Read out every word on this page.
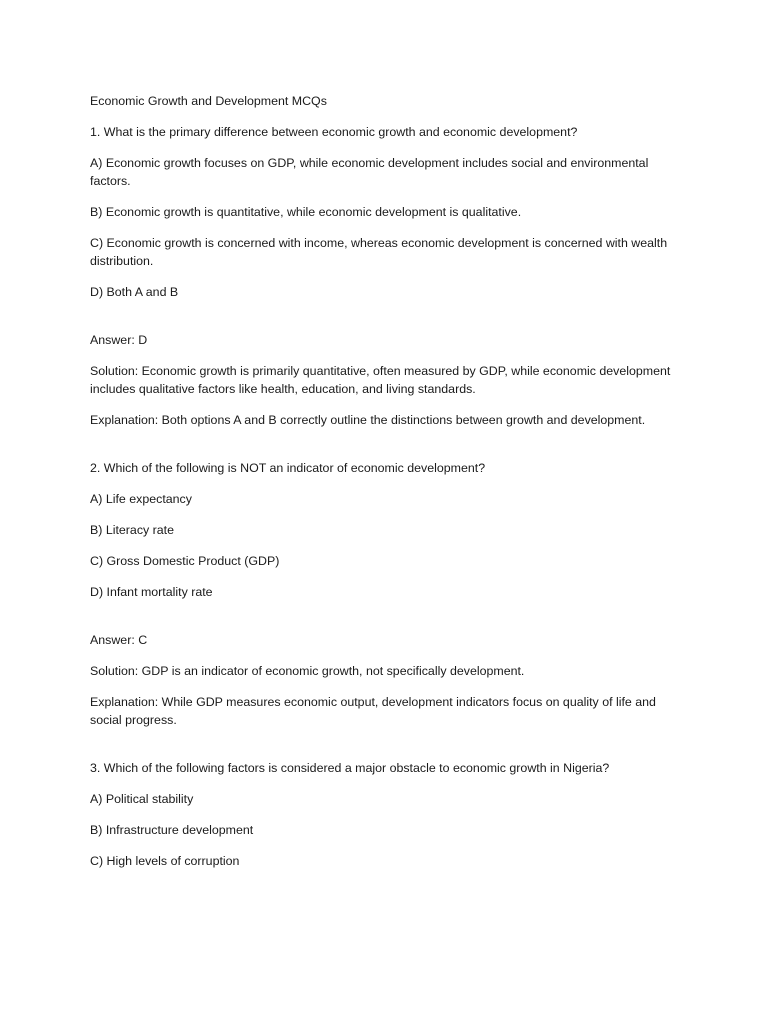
Economic Growth and Development MCQs

1. What is the primary difference between economic growth and economic development?

A) Economic growth focuses on GDP, while economic development includes social and environmental factors.

B) Economic growth is quantitative, while economic development is qualitative.

C) Economic growth is concerned with income, whereas economic development is concerned with wealth distribution.

D) Both A and B

Answer: D

Solution: Economic growth is primarily quantitative, often measured by GDP, while economic development includes qualitative factors like health, education, and living standards.

Explanation: Both options A and B correctly outline the distinctions between growth and development.

2. Which of the following is NOT an indicator of economic development?

A) Life expectancy

B) Literacy rate

C) Gross Domestic Product (GDP)

D) Infant mortality rate

Answer: C

Solution: GDP is an indicator of economic growth, not specifically development.

Explanation: While GDP measures economic output, development indicators focus on quality of life and social progress.

3. Which of the following factors is considered a major obstacle to economic growth in Nigeria?

A) Political stability

B) Infrastructure development

C) High levels of corruption
